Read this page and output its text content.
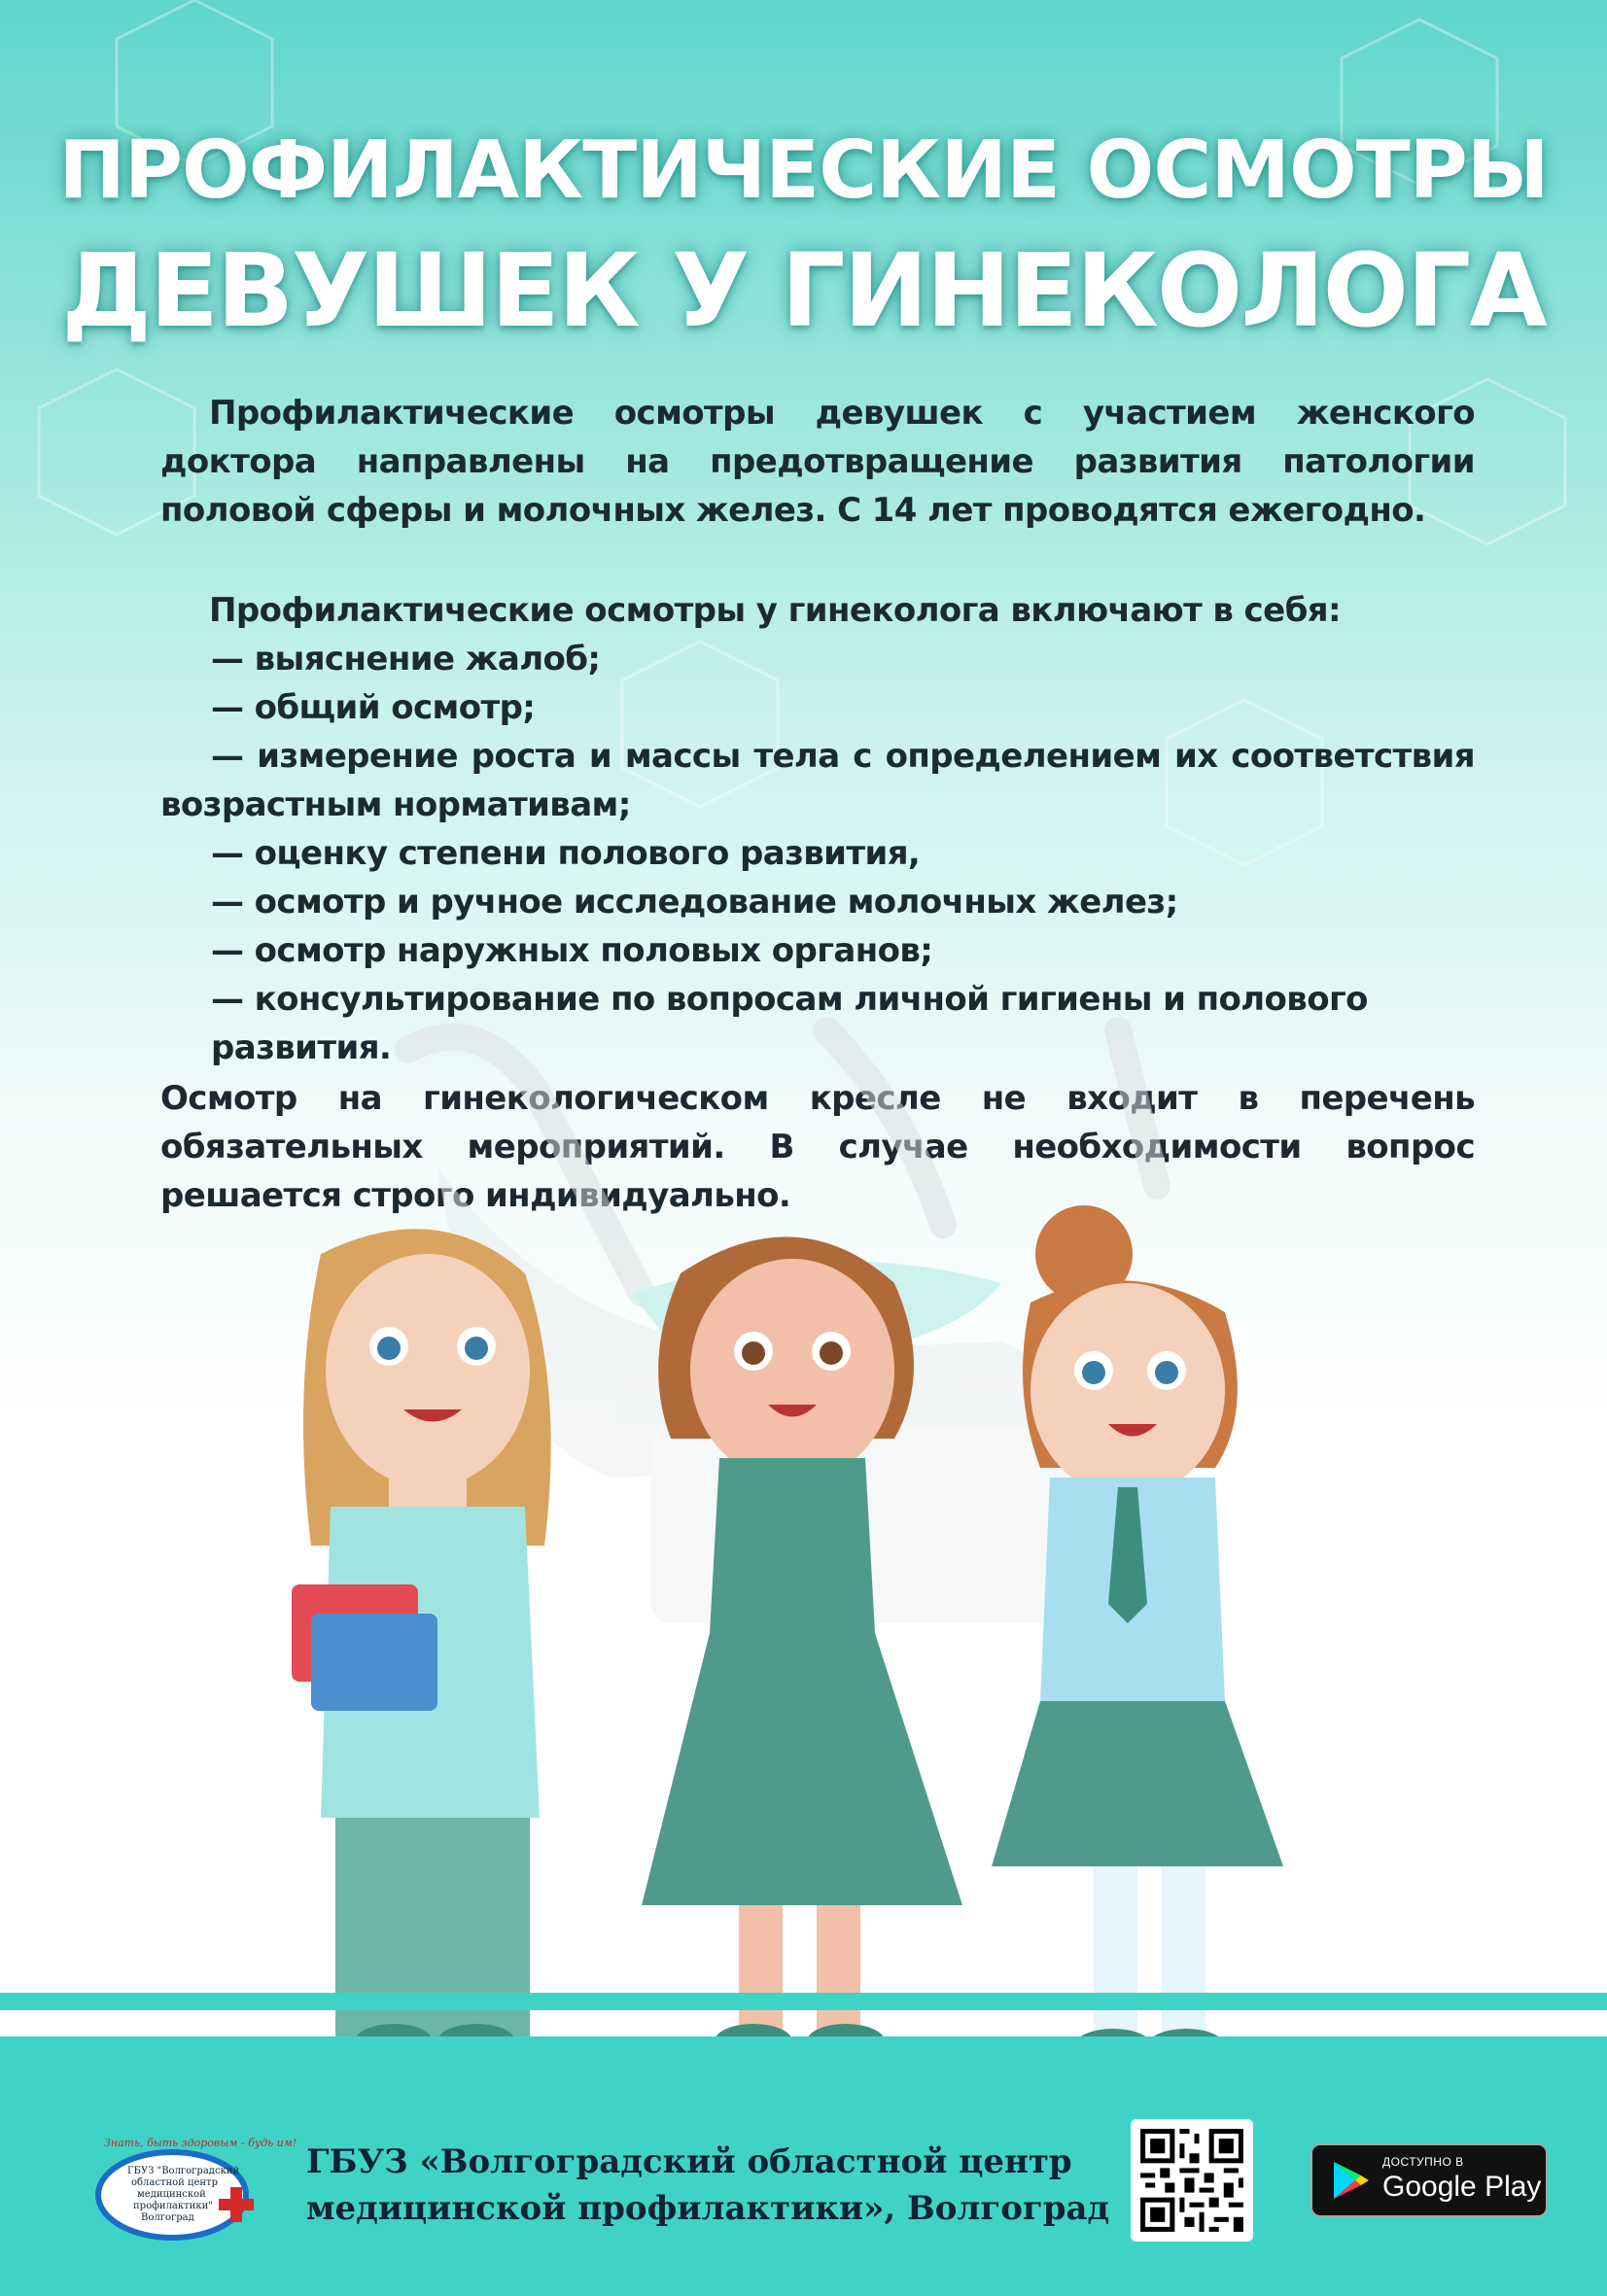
ПРОФИЛАКТИЧЕСКИЕ ОСМОТРЫ
ДЕВУШЕК У ГИНЕКОЛОГА

Профилактические осмотры девушек с участием женского доктора направлены на предотвращение развития патологии половой сферы и молочных желез. С 14 лет проводятся ежегодно.

Профилактические осмотры у гинеколога включают в себя:

— выяснение жалоб;

— общий осмотр;

— измерение роста и массы тела с определением их соответствия возрастным нормативам;

— оценку степени полового развития,

— осмотр и ручное исследование молочных желез;

— осмотр наружных половых органов;

— консультирование по вопросам личной гигиены и полового развития.

Осмотр на гинекологическом кресле не входит в перечень обязательных мероприятий. В случае необходимости вопрос решается строго индивидуально.

Знать, быть здоровым - будь им!
ГБУЗ "Волгоградский
областной центр
медицинской
профилактики"
Волгоград
ГБУЗ «Волгоградский областной центр
медицинской профилактики», Волгоград
ДОСТУПНО В
Google Play
